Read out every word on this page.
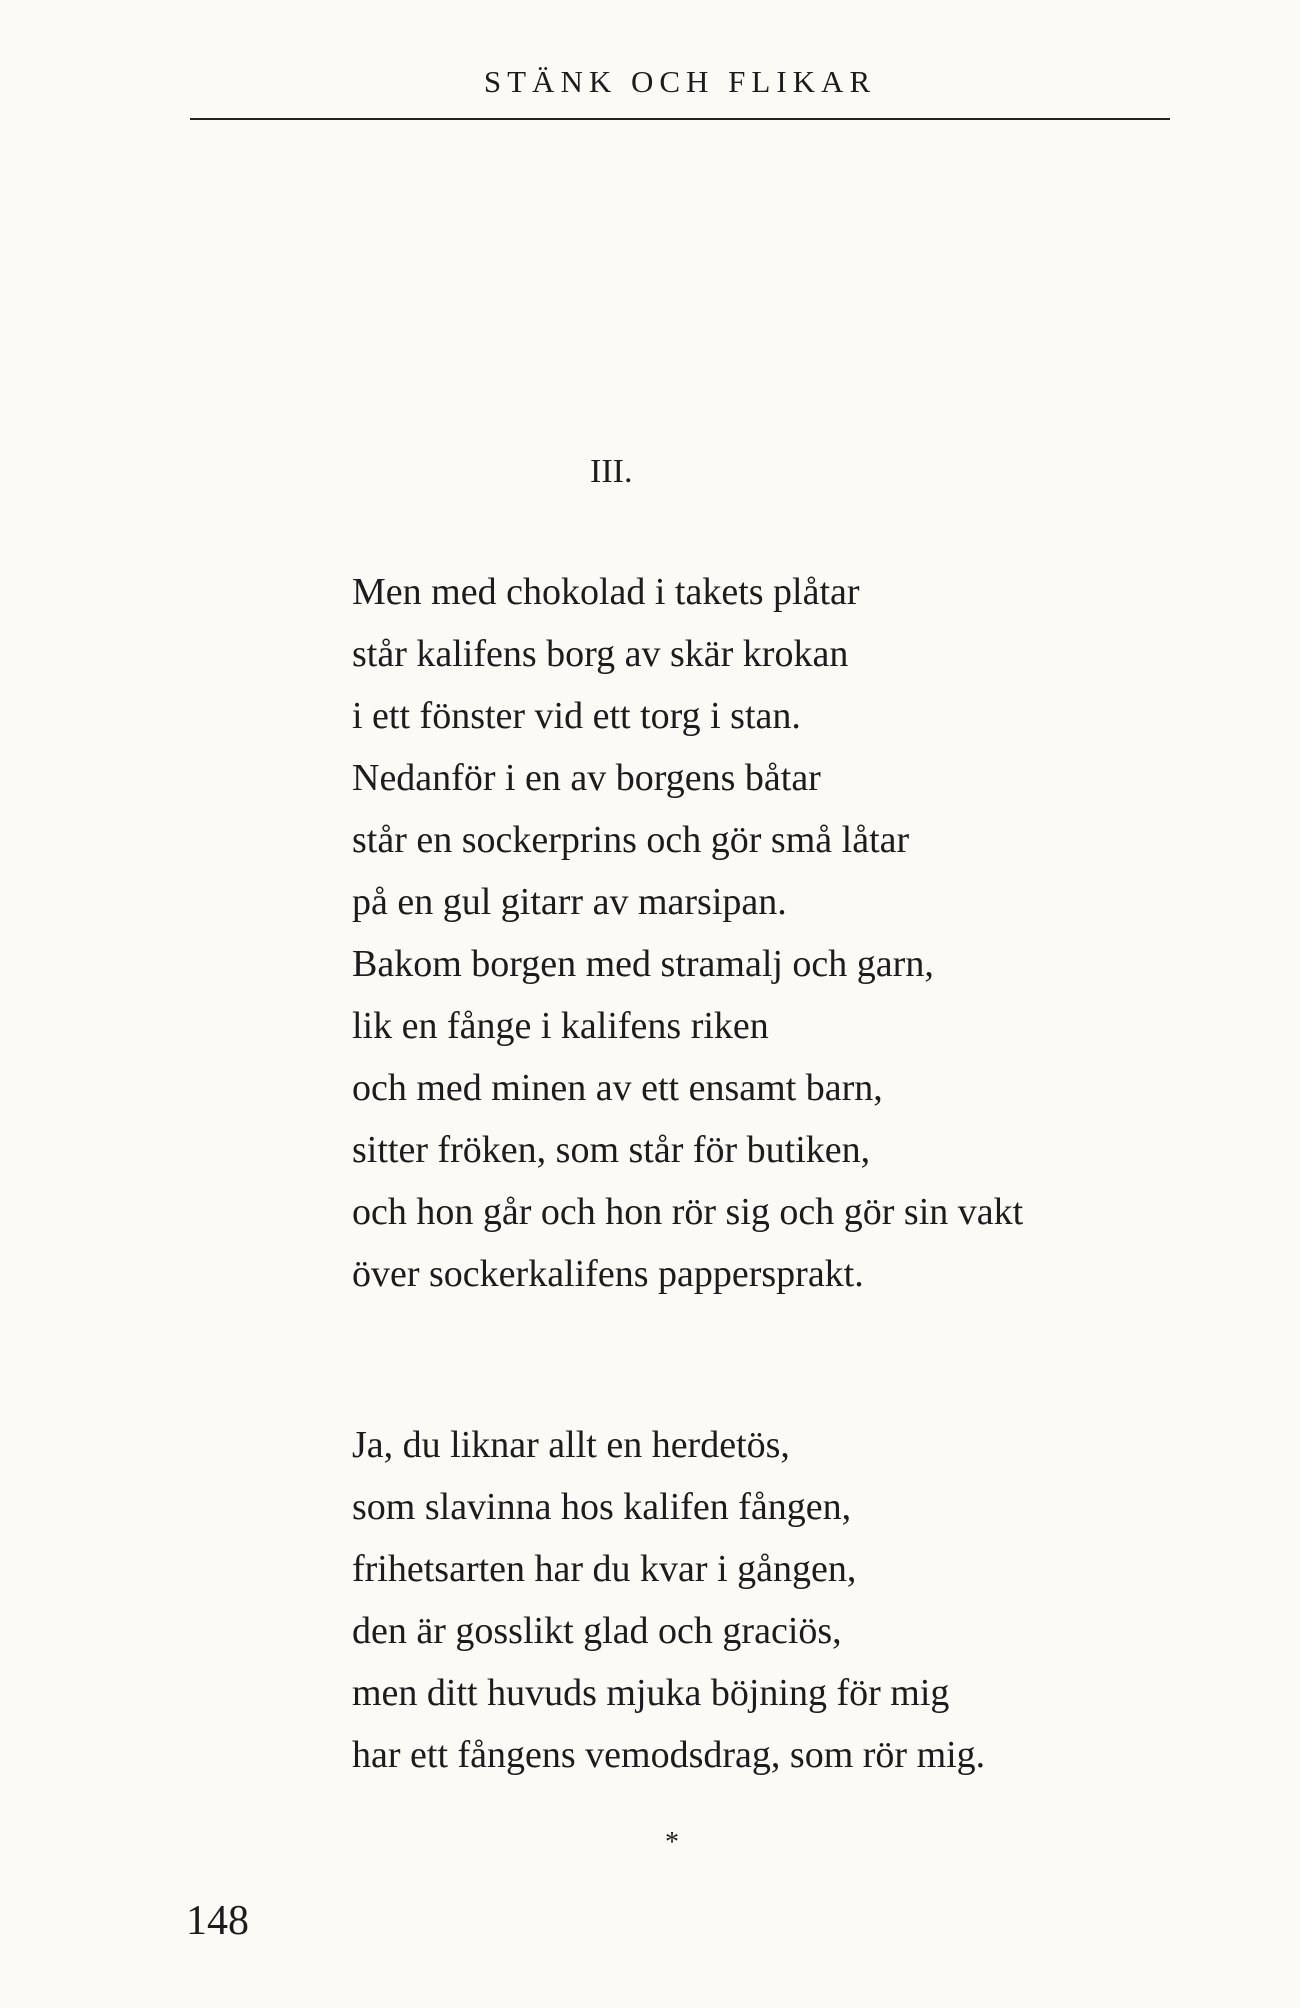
STÄNK OCH FLIKAR
III.
Men med chokolad i takets plåtar
står kalifens borg av skär krokan
i ett fönster vid ett torg i stan.
Nedanför i en av borgens båtar
står en sockerprins och gör små låtar
på en gul gitarr av marsipan.
Bakom borgen med stramalj och garn,
lik en fånge i kalifens riken
och med minen av ett ensamt barn,
sitter fröken, som står för butiken,
och hon går och hon rör sig och gör sin vakt
över sockerkalifens pappersprakt.
Ja, du liknar allt en herdetös,
som slavinna hos kalifen fången,
frihetsarten har du kvar i gången,
den är gosslikt glad och graciös,
men ditt huvuds mjuka böjning för mig
har ett fångens vemodsdrag, som rör mig.
*
148
